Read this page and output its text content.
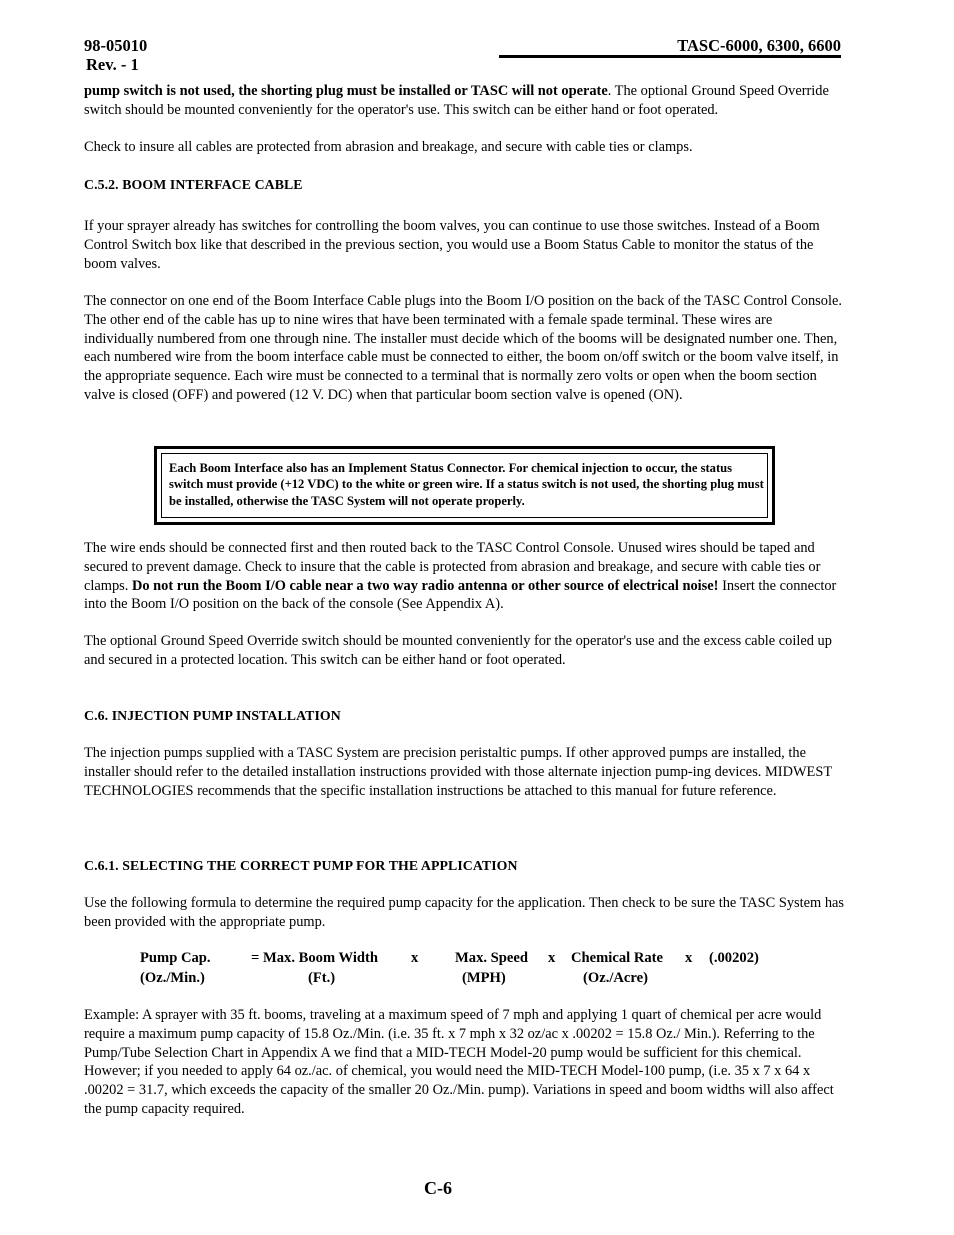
98-05010
Rev. - 1
TASC-6000, 6300, 6600

pump switch is not used, the shorting plug must be installed or TASC will not operate. The optional Ground Speed Override switch should be mounted conveniently for the operator's use. This switch can be either hand or foot operated.

Check to insure all cables are protected from abrasion and breakage, and secure with cable ties or clamps.

C.5.2. BOOM INTERFACE CABLE

If your sprayer already has switches for controlling the boom valves, you can continue to use those switches. Instead of a Boom Control Switch box like that described in the previous section, you would use a Boom Status Cable to monitor the status of the boom valves.

The connector on one end of the Boom Interface Cable plugs into the Boom I/O position on the back of the TASC Control Console. The other end of the cable has up to nine wires that have been terminated with a female spade terminal. These wires are individually numbered from one through nine. The installer must decide which of the booms will be designated number one. Then, each numbered wire from the boom interface cable must be connected to either, the boom on/off switch or the boom valve itself, in the appropriate sequence. Each wire must be connected to a terminal that is normally zero volts or open when the boom section valve is closed (OFF) and powered (12 V. DC) when that particular boom section valve is opened (ON).

Each Boom Interface also has an Implement Status Connector. For chemical injection to occur, the status switch must provide (+12 VDC) to the white or green wire. If a status switch is not used, the shorting plug must be installed, otherwise the TASC System will not operate properly.

The wire ends should be connected first and then routed back to the TASC Control Console. Unused wires should be taped and secured to prevent damage. Check to insure that the cable is protected from abrasion and breakage, and secure with cable ties or clamps. Do not run the Boom I/O cable near a two way radio antenna or other source of electrical noise! Insert the connector into the Boom I/O position on the back of the console (See Appendix A).

The optional Ground Speed Override switch should be mounted conveniently for the operator's use and the excess cable coiled up and secured in a protected location. This switch can be either hand or foot operated.

C.6. INJECTION PUMP INSTALLATION

The injection pumps supplied with a TASC System are precision peristaltic pumps. If other approved pumps are installed, the installer should refer to the detailed installation instructions provided with those alternate injection pump-ing devices. MIDWEST TECHNOLOGIES recommends that the specific installation instructions be attached to this manual for future reference.

C.6.1. SELECTING THE CORRECT PUMP FOR THE APPLICATION

Use the following formula to determine the required pump capacity for the application. Then check to be sure the TASC System has been provided with the appropriate pump.

Pump Cap.
(Oz./Min.)
= Max. Boom Width
(Ft.)
x	Max. Speed
(MPH)
x Chemical Rate
(Oz./Acre)
x (.00202)

Example: A sprayer with 35 ft. booms, traveling at a maximum speed of 7 mph and applying 1 quart of chemical per acre would require a maximum pump capacity of 15.8 Oz./Min. (i.e. 35 ft. x 7 mph x 32 oz/ac x .00202 = 15.8 Oz./ Min.). Referring to the Pump/Tube Selection Chart in Appendix A we find that a MID-TECH Model-20 pump would be sufficient for this chemical. However; if you needed to apply 64 oz./ac. of chemical, you would need the MID-TECH Model-100 pump, (i.e. 35 x 7 x 64 x .00202 = 31.7, which exceeds the capacity of the smaller 20 Oz./Min. pump). Variations in speed and boom widths will also affect the pump capacity required.

C-6
